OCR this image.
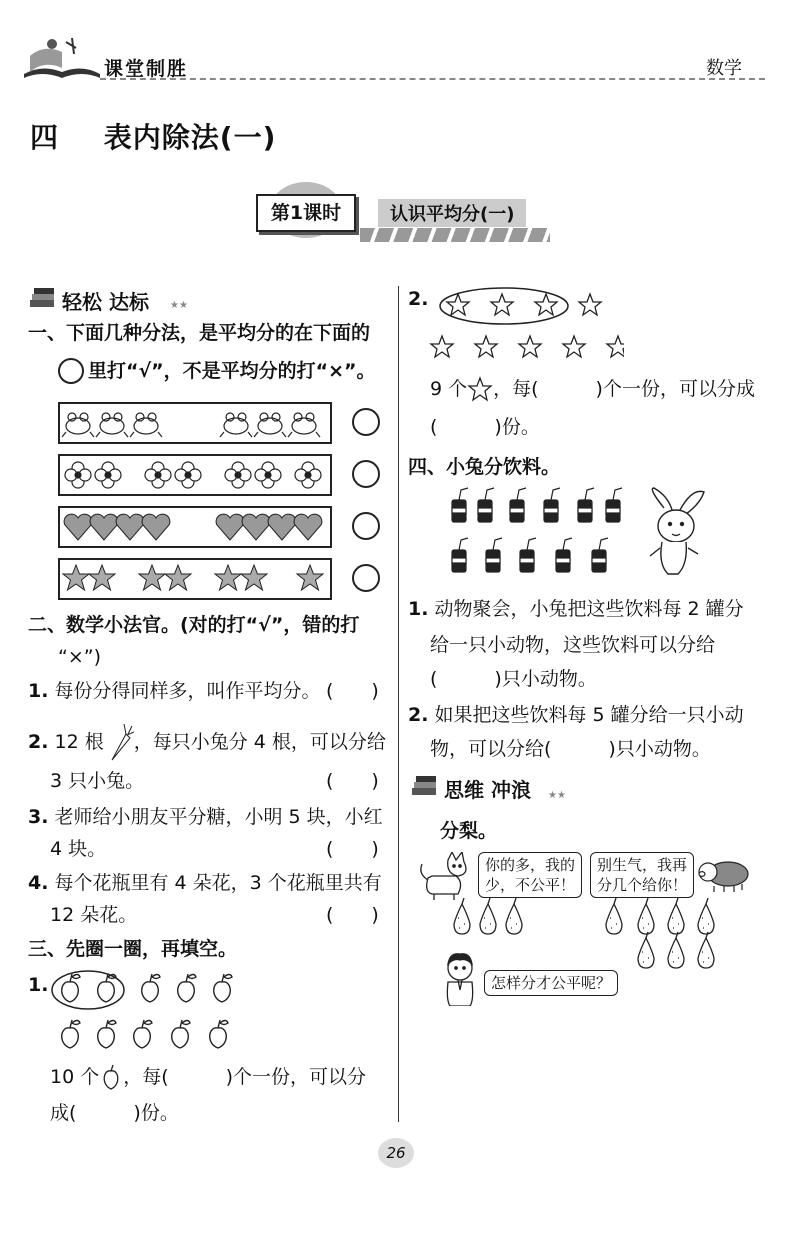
课堂制胜	数学
四 表内除法(一)
第1课时	认识平均分(一)
轻松 达标 ★★
一、下面几种分法，是平均分的在下面的
里打“√”，不是平均分的打“×”。
二、数学小法官。(对的打“√”，错的打
“×”)
1. 每份分得同样多，叫作平均分。 (　　)
2.
12 根 ，每只小兔分 4 根，可以分给
3 只小兔。	(　　)
3. 老师给小朋友平分糖，小明 5 块，小红
4 块。	(　　)
4. 每个花瓶里有 4 朵花，3 个花瓶里共有
12 朵花。	(　　)
三、先圈一圈，再填空。
1.
10 个 ，每(　　　)个一份，可以分
成(　　　)份。
2.
9 个 ，每(　　　)个一份，可以分成
(　　　)份。
四、小兔分饮料。
1. 动物聚会，小兔把这些饮料每 2 罐分
给一只小动物，这些饮料可以分给
(　　　)只小动物。
2. 如果把这些饮料每 5 罐分给一只小动
物，可以分给(　　　)只小动物。
思维 冲浪 ★★
分梨。
你的多，我的
少，不公平！
别生气，我再
分几个给你！
怎样分才公平呢？
26
